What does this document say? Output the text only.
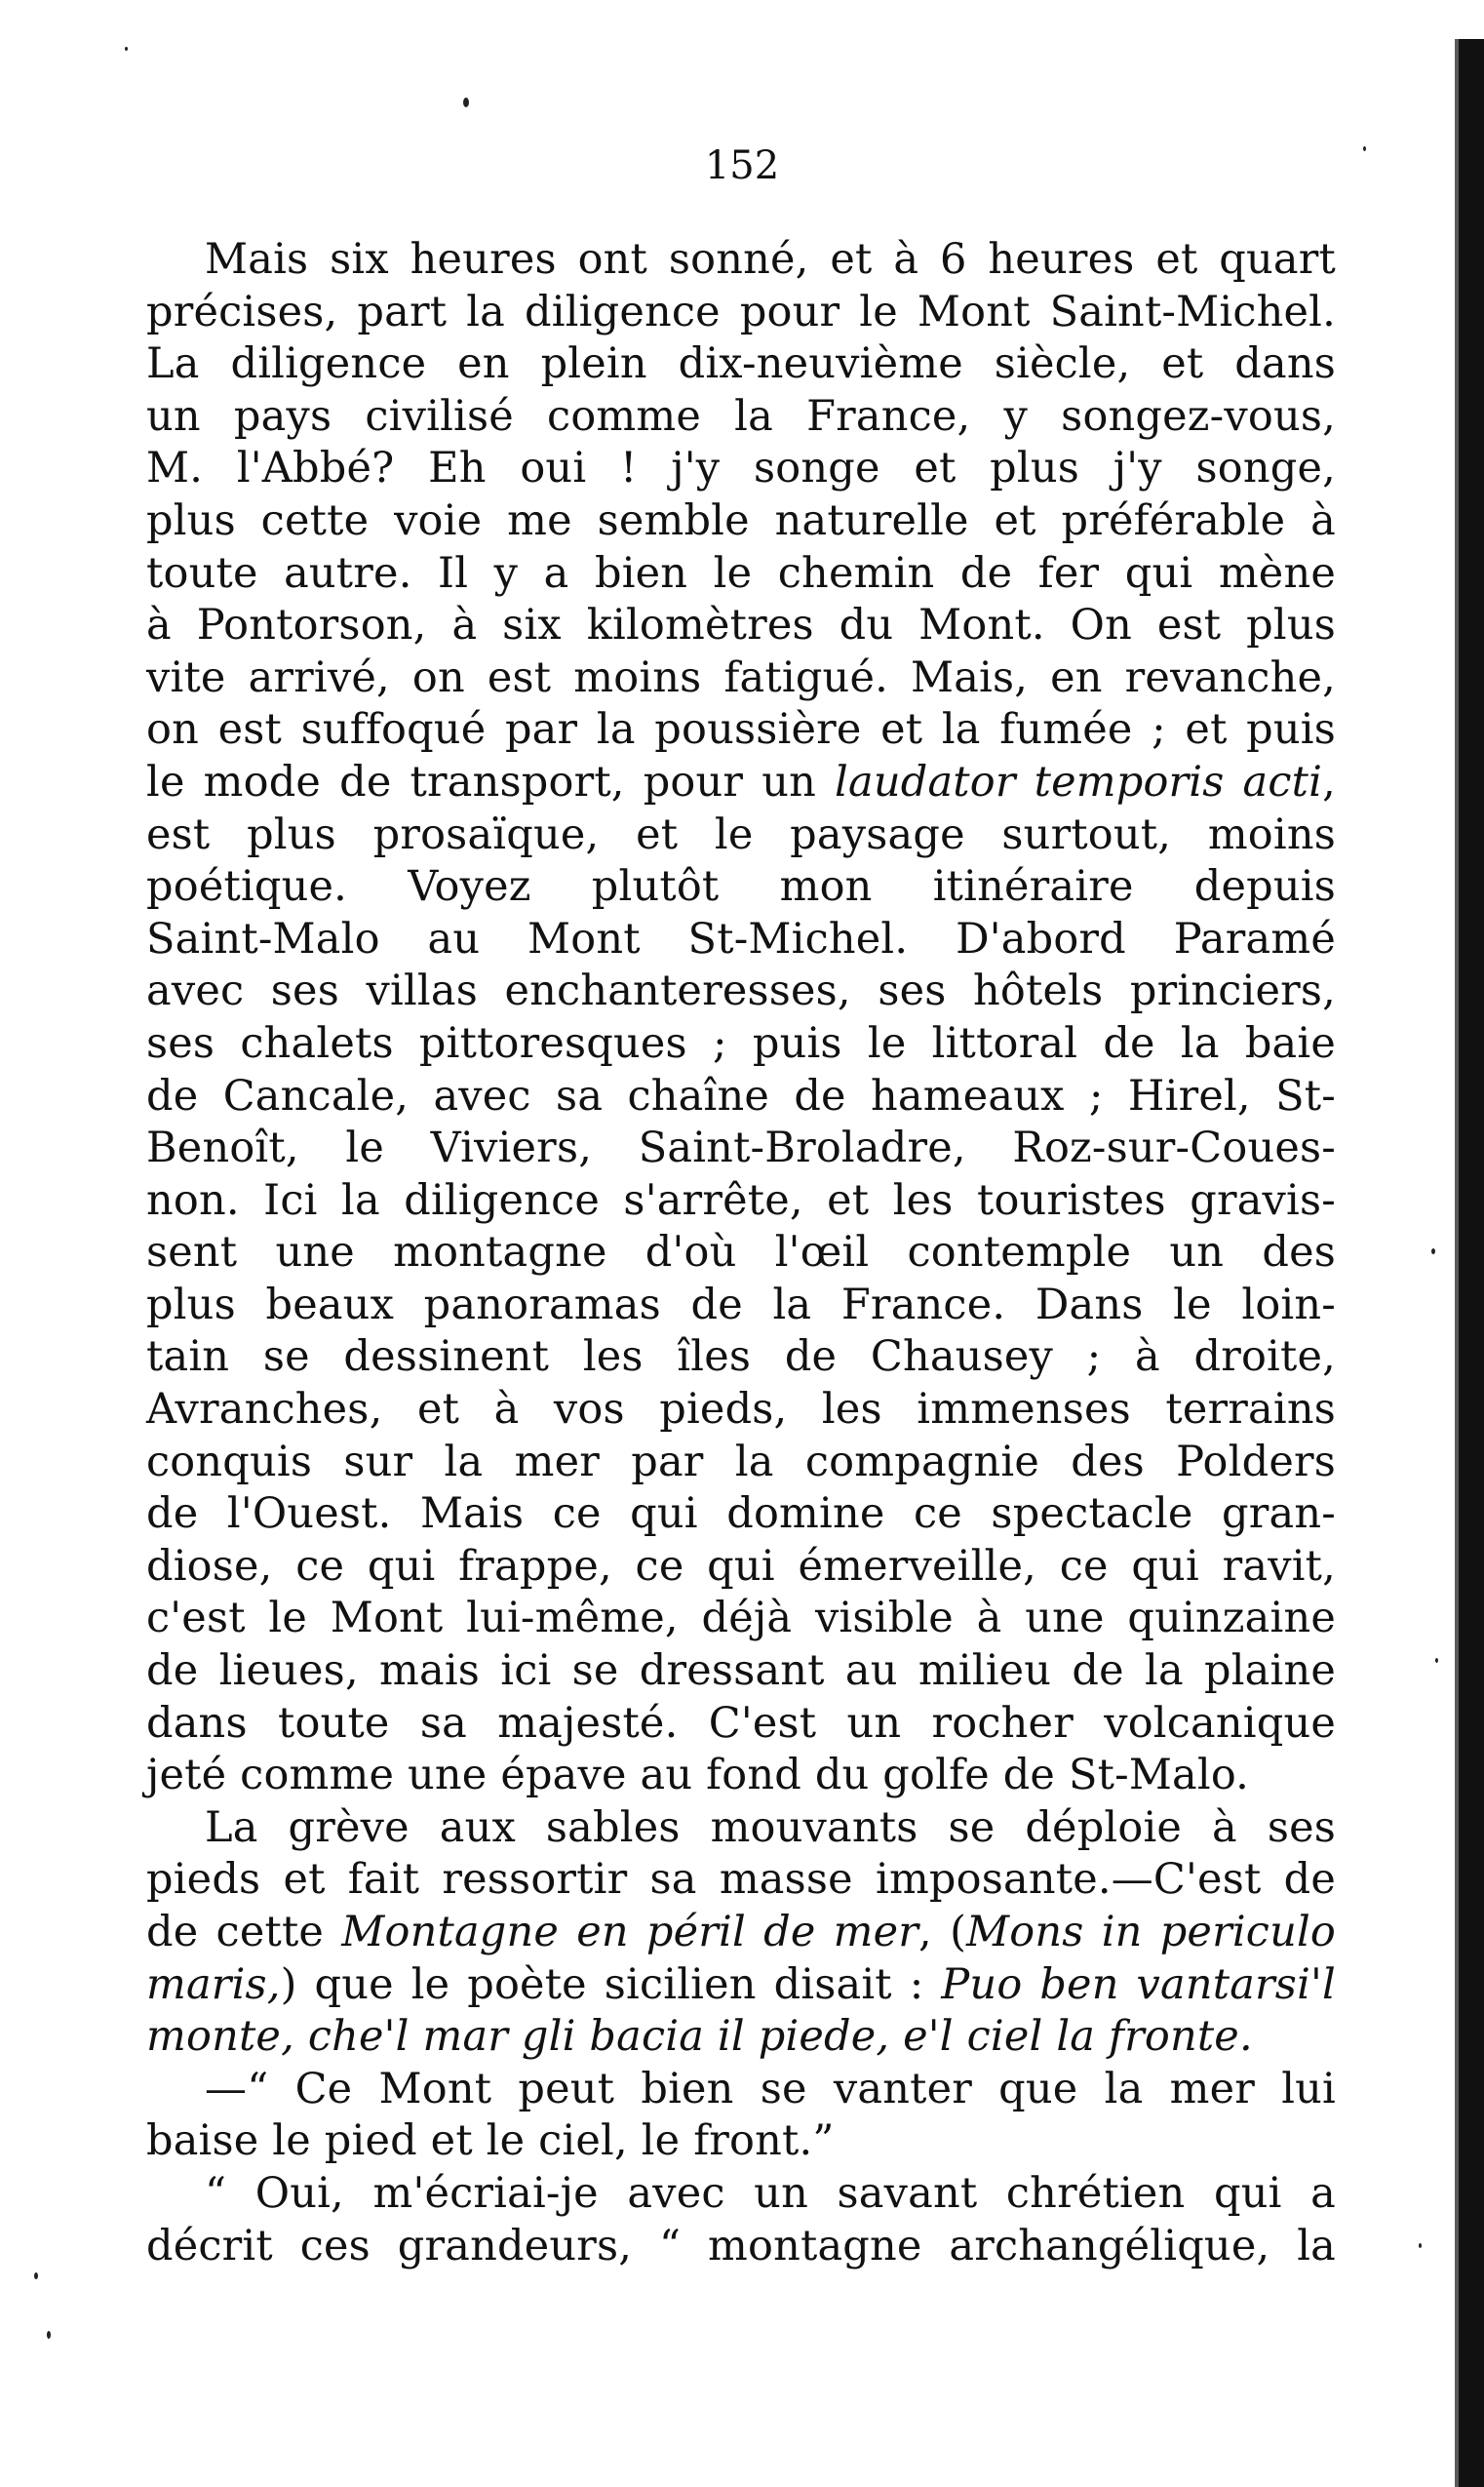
152
Mais six heures ont sonné, et à 6 heures et quart
précises, part la diligence pour le Mont Saint-Michel.
La diligence en plein dix-neuvième siècle, et dans
un pays civilisé comme la France, y songez-vous,
M. l'Abbé? Eh oui ! j'y songe et plus j'y songe,
plus cette voie me semble naturelle et préférable à
toute autre. Il y a bien le chemin de fer qui mène
à Pontorson, à six kilomètres du Mont. On est plus
vite arrivé, on est moins fatigué. Mais, en revanche,
on est suffoqué par la poussière et la fumée ; et puis
le mode de transport, pour un laudator temporis acti,
est plus prosaïque, et le paysage surtout, moins
poétique. Voyez plutôt mon itinéraire depuis
Saint-Malo au Mont St-Michel. D'abord Paramé
avec ses villas enchanteresses, ses hôtels princiers,
ses chalets pittoresques ; puis le littoral de la baie
de Cancale, avec sa chaîne de hameaux ; Hirel, St-
Benoît, le Viviers, Saint-Broladre, Roz-sur-Coues-
non. Ici la diligence s'arrête, et les touristes gravis-
sent une montagne d'où l'œil contemple un des
plus beaux panoramas de la France. Dans le loin-
tain se dessinent les îles de Chausey ; à droite,
Avranches, et à vos pieds, les immenses terrains
conquis sur la mer par la compagnie des Polders
de l'Ouest. Mais ce qui domine ce spectacle gran-
diose, ce qui frappe, ce qui émerveille, ce qui ravit,
c'est le Mont lui-même, déjà visible à une quinzaine
de lieues, mais ici se dressant au milieu de la plaine
dans toute sa majesté. C'est un rocher volcanique
jeté comme une épave au fond du golfe de St-Malo.
La grève aux sables mouvants se déploie à ses
pieds et fait ressortir sa masse imposante.—C'est de
de cette Montagne en péril de mer, (Mons in periculo
maris,) que le poète sicilien disait : Puo ben vantarsi'l
monte, che'l mar gli bacia il piede, e'l ciel la fronte.
—“ Ce Mont peut bien se vanter que la mer lui
baise le pied et le ciel, le front.”
“ Oui, m'écriai-je avec un savant chrétien qui a
décrit ces grandeurs, “ montagne archangélique, la
